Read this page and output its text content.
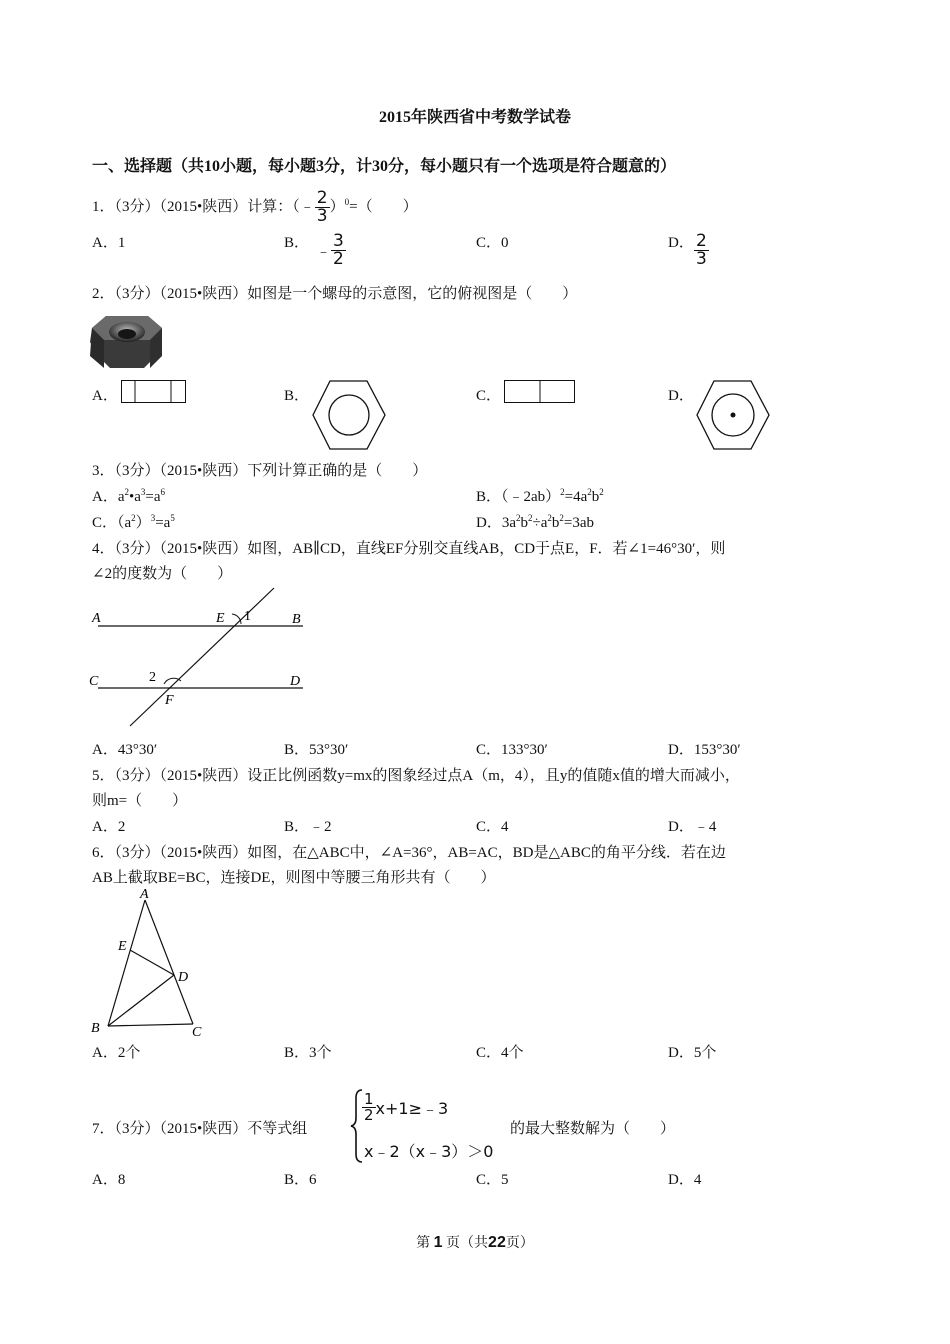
2015年陕西省中考数学试卷
一、选择题（共10小题，每小题3分，计30分，每小题只有一个选项是符合题意的）
1．（3分）（2015•陕西）计算：（﹣ $\frac{2}{3} )^0=$（　　）
A．1	B．
﹣ $\frac{3}{2}$	C．0	D． $\frac{2}{3}$
2．（3分）（2015•陕西）如图是一个螺母的示意图，它的俯视图是（　　）
A．	B．	C．	D．
3．（3分）（2015•陕西）下列计算正确的是（　　）
A．$a^2•a^3=a^6$	B．$(﹣2ab)^2=4a^2b^2$
C．$(a^2)^3=a^5$	D．$3a^2b^2\div a^2b^2=3ab$
4．（3分）（2015•陕西）如图，AB∥CD，直线EF分别交直线AB，CD于点E，F．若∠1=46°30′，则
∠2的度数为（　　）
A	E 1	B
C	2	D
F
A．43°30′	B．53°30′	C．133°30′	D．153°30′
5．（3分）（2015•陕西）设正比例函数y=mx的图象经过点A（m，4），且y的值随x值的增大而减小，
则m=（　　）
A．2	B．﹣2	C．4	D．﹣4
6．（3分）（2015•陕西）如图，在△ABC中，∠A=36°，AB=AC，BD是△ABC的角平分线．若在边
AB上截取BE=BC，连接DE，则图中等腰三角形共有（　　）
A
E
D
B	C
A．2个	B．3个	C．4个	D．5个
7．（3分）（2015•陕西）不等式组
$\frac{1}{2}$ x+1≥﹣3
x﹣2（x﹣3）＞0
的最大整数解为（　　）
A．8	B．6	C．5	D．4
第 1 页（共22页）
